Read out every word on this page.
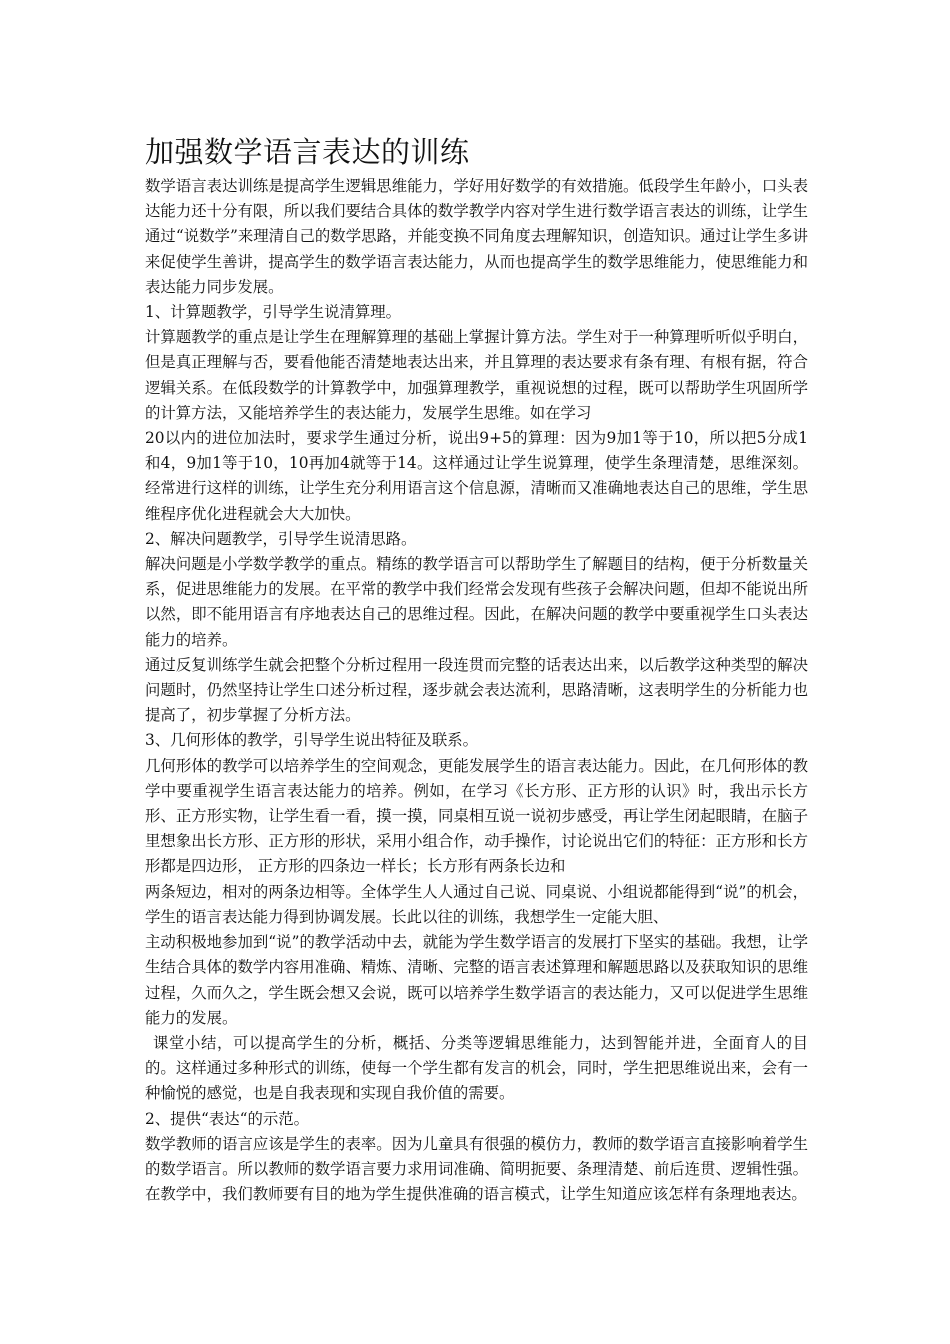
加强数学语言表达的训练

数学语言表达训练是提高学生逻辑思维能力，学好用好数学的有效措施。低段学生年龄小，口头表达能力还十分有限，所以我们要结合具体的数学教学内容对学生进行数学语言表达的训练，让学生通过“说数学”来理清自己的数学思路，并能变换不同角度去理解知识，创造知识。通过让学生多讲来促使学生善讲，提高学生的数学语言表达能力，从而也提高学生的数学思维能力，使思维能力和表达能力同步发展。

1、计算题教学，引导学生说清算理。

计算题教学的重点是让学生在理解算理的基础上掌握计算方法。学生对于一种算理听听似乎明白，但是真正理解与否，要看他能否清楚地表达出来，并且算理的表达要求有条有理、有根有据，符合逻辑关系。在低段数学的计算教学中，加强算理教学，重视说想的过程，既可以帮助学生巩固所学的计算方法，又能培养学生的表达能力，发展学生思维。如在学习

20以内的进位加法时，要求学生通过分析，说出9+5的算理：因为9加1等于10，所以把5分成1和4，9加1等于10，10再加4就等于14。这样通过让学生说算理，使学生条理清楚，思维深刻。经常进行这样的训练，让学生充分利用语言这个信息源，清晰而又准确地表达自己的思维，学生思维程序优化进程就会大大加快。

2、解决问题教学，引导学生说清思路。

解决问题是小学数学教学的重点。精练的教学语言可以帮助学生了解题目的结构，便于分析数量关系，促进思维能力的发展。在平常的教学中我们经常会发现有些孩子会解决问题，但却不能说出所以然，即不能用语言有序地表达自己的思维过程。因此，在解决问题的教学中要重视学生口头表达能力的培养。

通过反复训练学生就会把整个分析过程用一段连贯而完整的话表达出来，以后教学这种类型的解决问题时，仍然坚持让学生口述分析过程，逐步就会表达流利，思路清晰，这表明学生的分析能力也提高了，初步掌握了分析方法。

3、几何形体的教学，引导学生说出特征及联系。

几何形体的教学可以培养学生的空间观念，更能发展学生的语言表达能力。因此，在几何形体的教学中要重视学生语言表达能力的培养。例如，在学习《长方形、正方形的认识》时，我出示长方形、正方形实物，让学生看一看，摸一摸，同桌相互说一说初步感受，再让学生闭起眼睛，在脑子里想象出长方形、正方形的形状，采用小组合作，动手操作，讨论说出它们的特征：正方形和长方形都是四边形， 正方形的四条边一样长；长方形有两条长边和

两条短边，相对的两条边相等。全体学生人人通过自己说、同桌说、小组说都能得到“说”的机会，学生的语言表达能力得到协调发展。长此以往的训练，我想学生一定能大胆、

主动积极地参加到“说”的教学活动中去，就能为学生数学语言的发展打下坚实的基础。我想，让学生结合具体的数学内容用准确、精炼、清晰、完整的语言表述算理和解题思路以及获取知识的思维过程，久而久之，学生既会想又会说，既可以培养学生数学语言的表达能力，又可以促进学生思维能力的发展。

课堂小结，可以提高学生的分析，概括、分类等逻辑思维能力，达到智能并进，全面育人的目的。这样通过多种形式的训练，使每一个学生都有发言的机会，同时，学生把思维说出来，会有一种愉悦的感觉，也是自我表现和实现自我价值的需要。

2、提供“表达“的示范。

数学教师的语言应该是学生的表率。因为儿童具有很强的模仿力，教师的数学语言直接影响着学生的数学语言。所以教师的数学语言要力求用词准确、简明扼要、条理清楚、前后连贯、逻辑性强。在教学中，我们教师要有目的地为学生提供准确的语言模式，让学生知道应该怎样有条理地表达。
